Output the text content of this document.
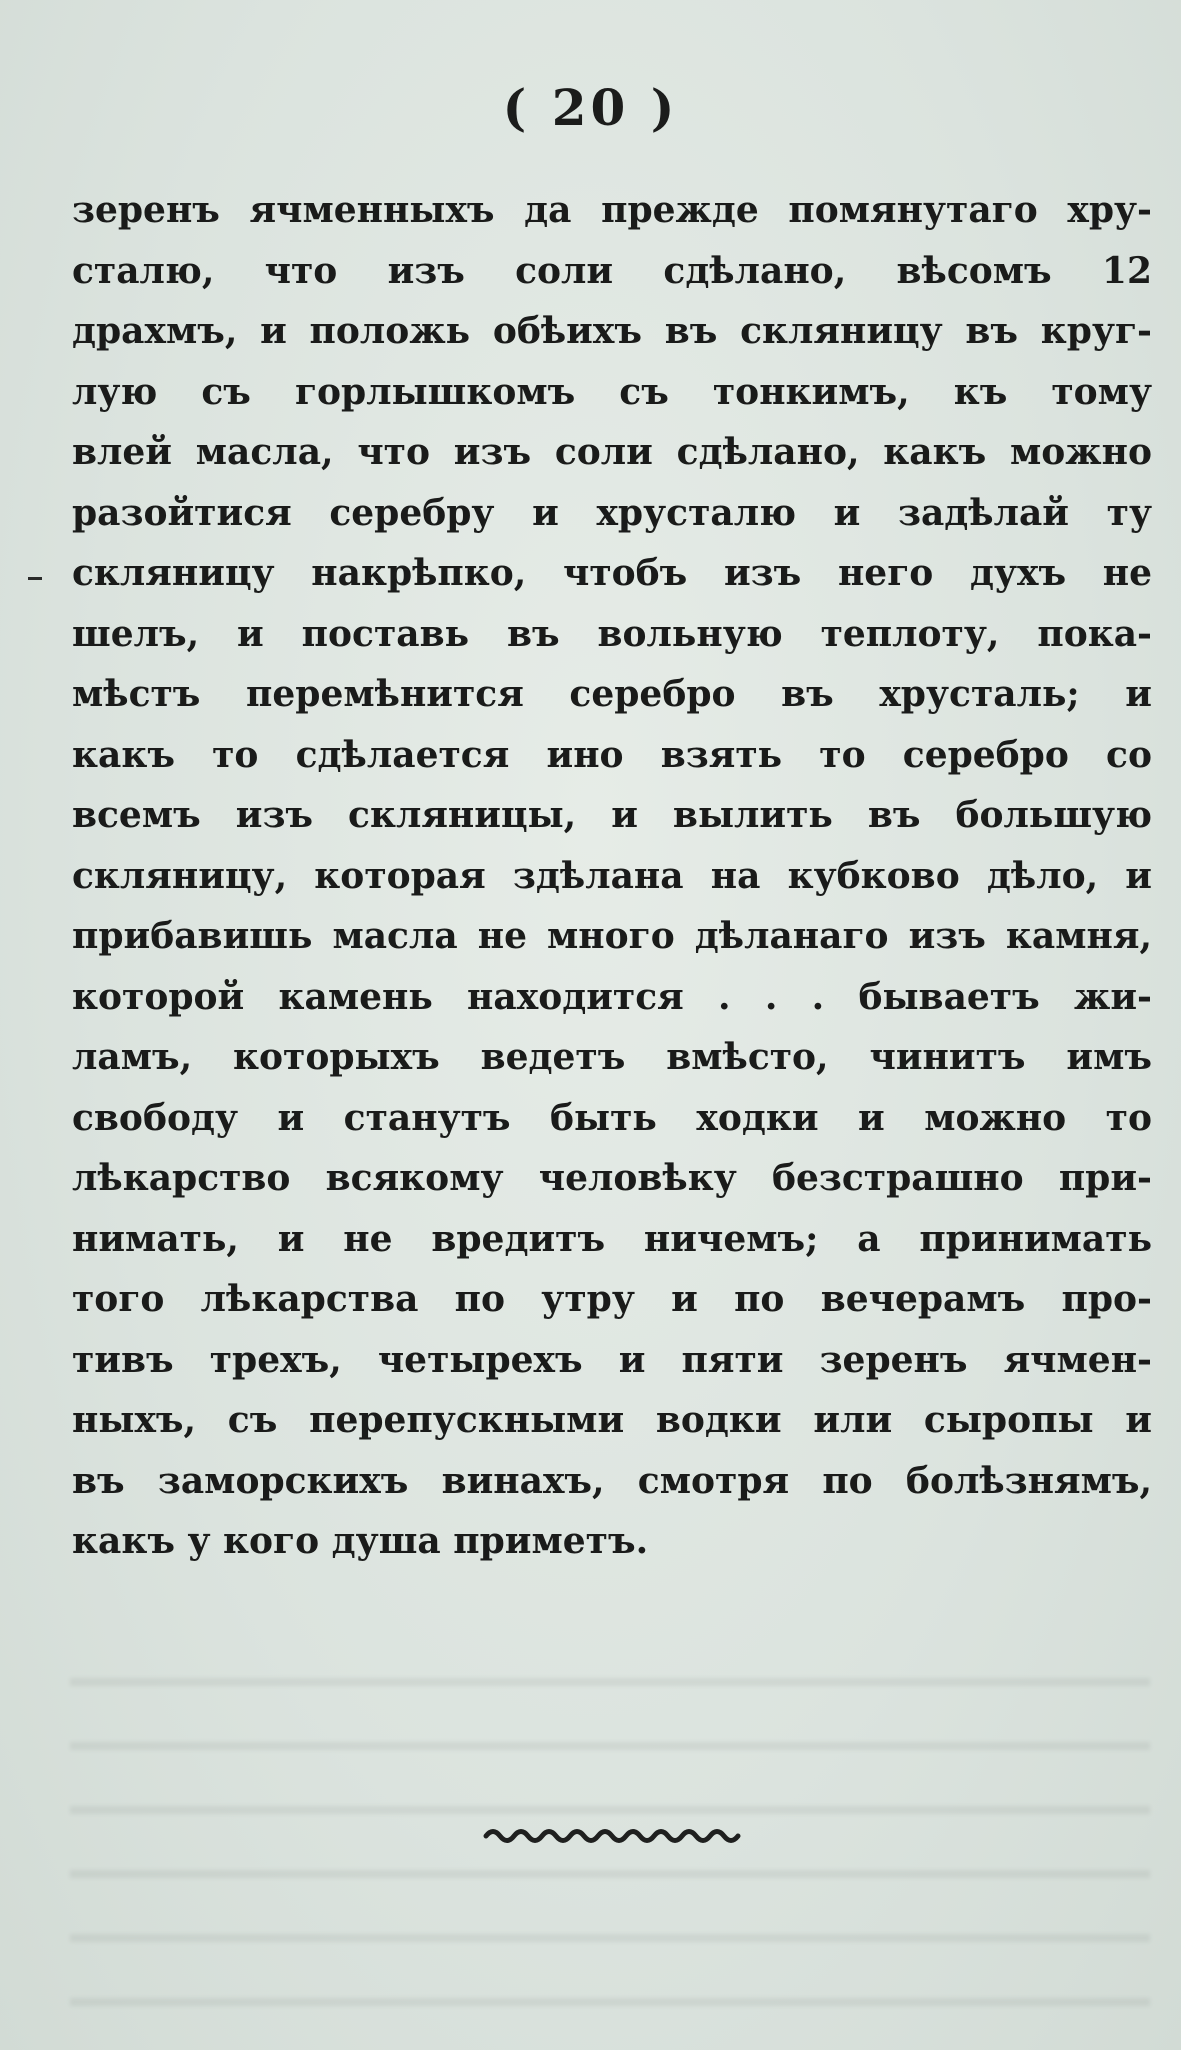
( 20 )
зеренъ ячменныхъ да прежде помянутаго хру-
сталю, что изъ соли сдѣлано, вѣсомъ 12
драхмъ, и положь обѣихъ въ скляницу въ круг-
лую съ горлышкомъ съ тонкимъ, къ тому
влей масла, что изъ соли сдѣлано, какъ можно
разойтися серебру и хрусталю и задѣлай ту
скляницу накрѣпко, чтобъ изъ него духъ не
шелъ, и поставь въ вольную теплоту, пока-
мѣстъ перемѣнится серебро въ хрусталь; и
какъ то сдѣлается ино взять то серебро со
всемъ изъ скляницы, и вылить въ большую
скляницу, которая здѣлана на кубково дѣло, и
прибавишь масла не много дѣланаго изъ камня,
которой камень находится . . . бываетъ жи-
ламъ, которыхъ ведетъ вмѣсто, чинитъ имъ
свободу и станутъ быть ходки и можно то
лѣкарство всякому человѣку безстрашно при-
нимать, и не вредитъ ничемъ; а принимать
того лѣкарства по утру и по вечерамъ про-
тивъ трехъ, четырехъ и пяти зеренъ ячмен-
ныхъ, съ перепускными водки или сыропы и
въ заморскихъ винахъ, смотря по болѣзнямъ,
какъ у кого душа приметъ.
